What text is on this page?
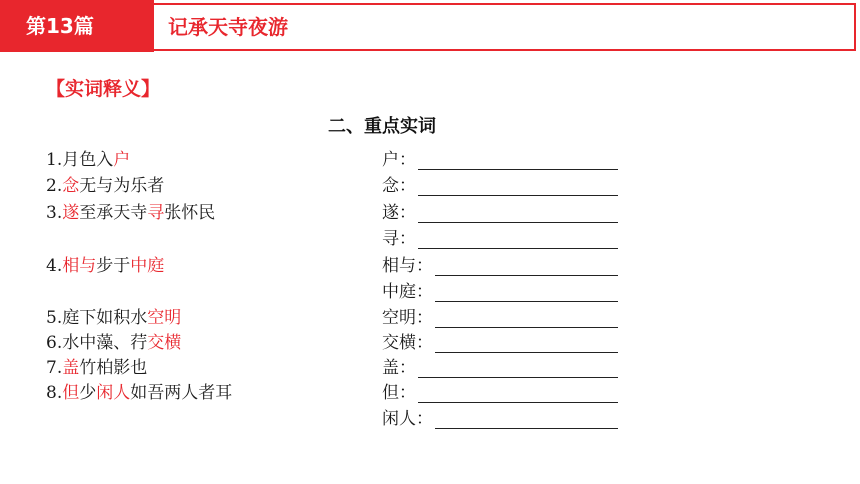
第13篇	记承天寺夜游
【实词释义】
二、重点实词
1.月色入户
2.念无与为乐者
3.遂至承天寺寻张怀民
4.相与步于中庭
5.庭下如积水空明
6.水中藻、荇交横
7.盖竹柏影也
8.但少闲人如吾两人者耳
户：
念：
遂：
寻：
相与：
中庭：
空明：
交横：
盖：
但：
闲人：
